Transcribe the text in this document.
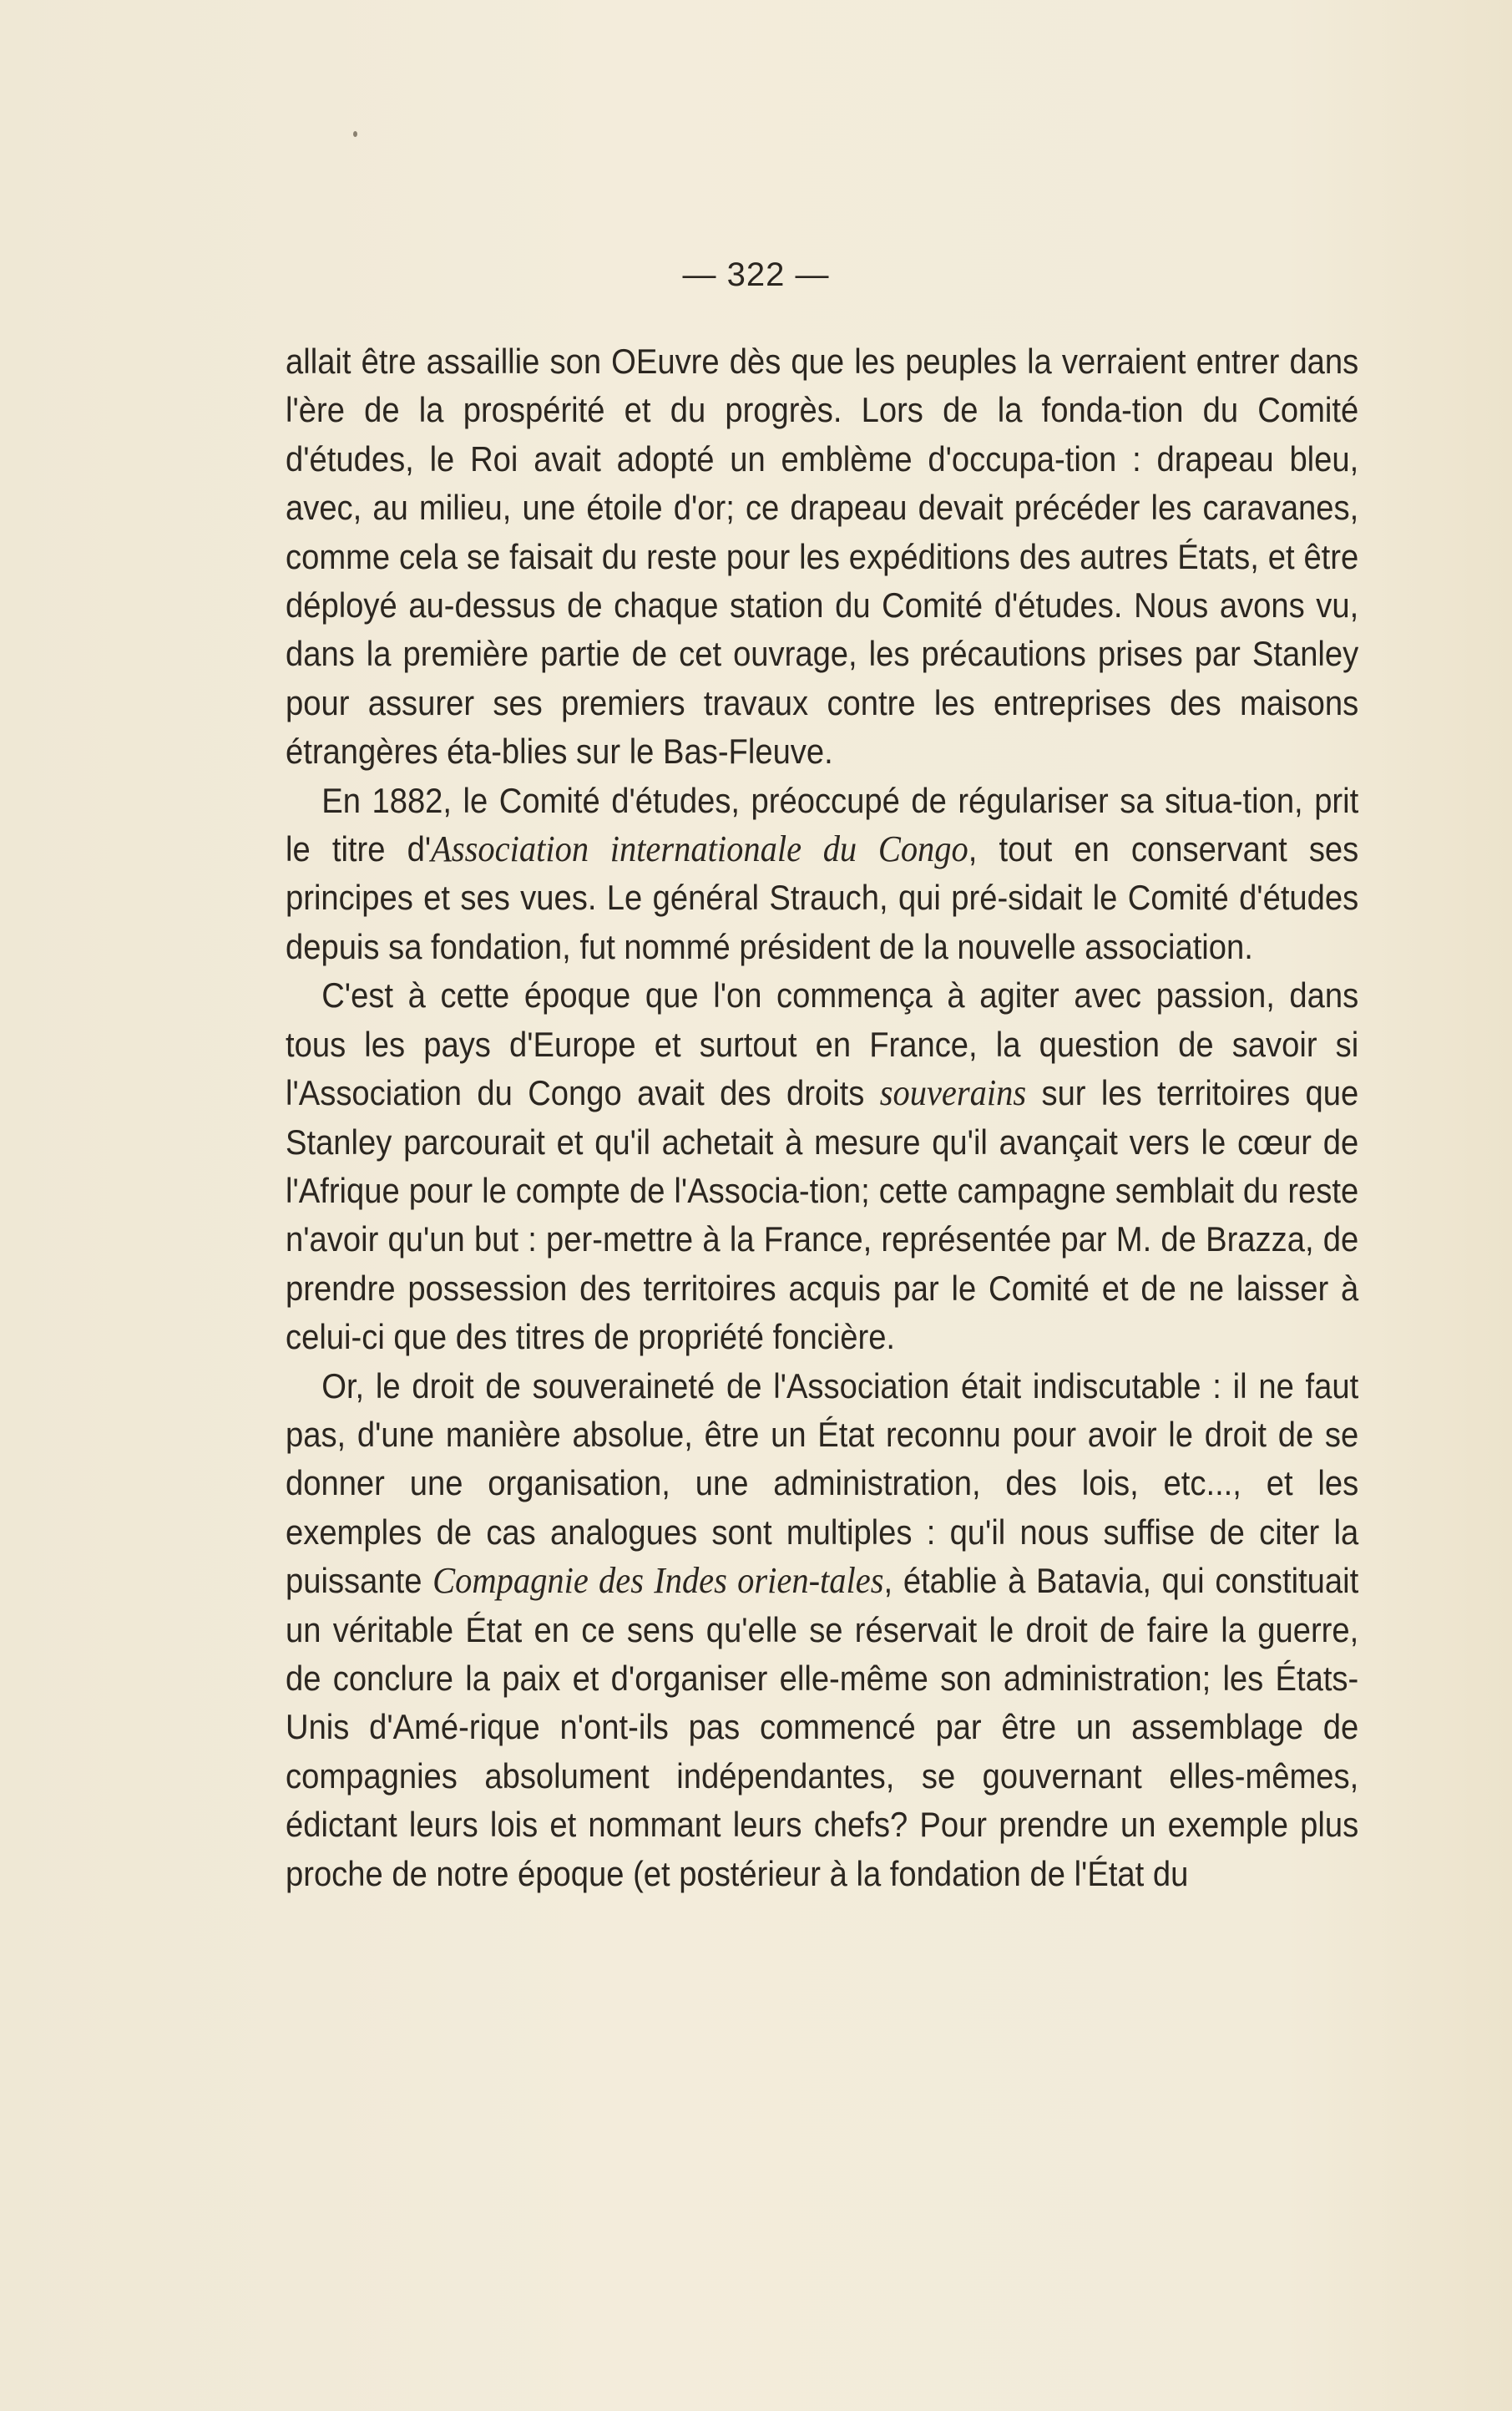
— 322 —

allait être assaillie son OEuvre dès que les peuples la verraient entrer dans l'ère de la prospérité et du progrès. Lors de la fonda-tion du Comité d'études, le Roi avait adopté un emblème d'occupa-tion : drapeau bleu, avec, au milieu, une étoile d'or; ce drapeau devait précéder les caravanes, comme cela se faisait du reste pour les expéditions des autres États, et être déployé au-dessus de chaque station du Comité d'études. Nous avons vu, dans la première partie de cet ouvrage, les précautions prises par Stanley pour assurer ses premiers travaux contre les entreprises des maisons étrangères éta-blies sur le Bas-Fleuve.

En 1882, le Comité d'études, préoccupé de régulariser sa situa-tion, prit le titre d'Association internationale du Congo, tout en conservant ses principes et ses vues. Le général Strauch, qui pré-sidait le Comité d'études depuis sa fondation, fut nommé président de la nouvelle association.

C'est à cette époque que l'on commença à agiter avec passion, dans tous les pays d'Europe et surtout en France, la question de savoir si l'Association du Congo avait des droits souverains sur les territoires que Stanley parcourait et qu'il achetait à mesure qu'il avançait vers le cœur de l'Afrique pour le compte de l'Associa-tion; cette campagne semblait du reste n'avoir qu'un but : per-mettre à la France, représentée par M. de Brazza, de prendre possession des territoires acquis par le Comité et de ne laisser à celui-ci que des titres de propriété foncière.

Or, le droit de souveraineté de l'Association était indiscutable : il ne faut pas, d'une manière absolue, être un État reconnu pour avoir le droit de se donner une organisation, une administration, des lois, etc..., et les exemples de cas analogues sont multiples : qu'il nous suffise de citer la puissante Compagnie des Indes orien-tales, établie à Batavia, qui constituait un véritable État en ce sens qu'elle se réservait le droit de faire la guerre, de conclure la paix et d'organiser elle-même son administration; les États-Unis d'Amé-rique n'ont-ils pas commencé par être un assemblage de compagnies absolument indépendantes, se gouvernant elles-mêmes, édictant leurs lois et nommant leurs chefs? Pour prendre un exemple plus proche de notre époque (et postérieur à la fondation de l'État du
